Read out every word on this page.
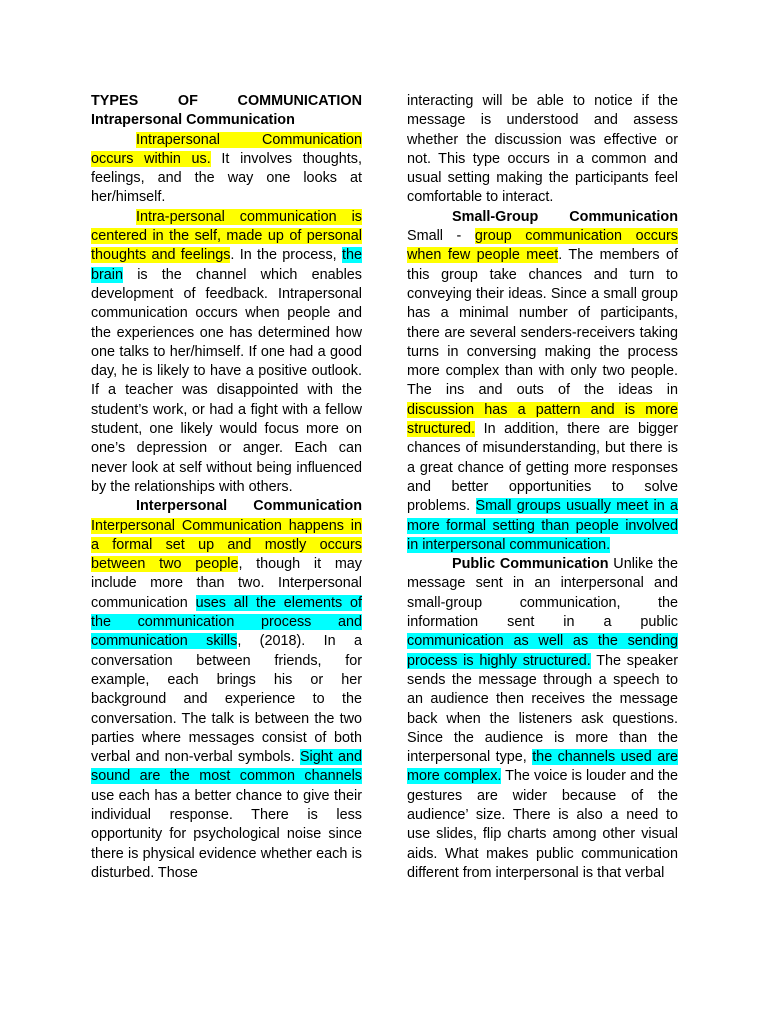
TYPES OF COMMUNICATION

Intrapersonal Communication

Intrapersonal Communication occurs within us. It involves thoughts, feelings, and the way one looks at her/himself.

Intra-personal communication is centered in the self, made up of personal thoughts and feelings. In the process, the brain is the channel which enables development of feedback. Intrapersonal communication occurs when people and the experiences one has determined how one talks to her/himself. If one had a good day, he is likely to have a positive outlook. If a teacher was disappointed with the student’s work, or had a fight with a fellow student, one likely would focus more on one’s depression or anger. Each can never look at self without being influenced by the relationships with others.

Interpersonal Communication Interpersonal Communication happens in a formal set up and mostly occurs between two people, though it may include more than two. Interpersonal communication uses all the elements of the communication process and communication skills, (2018). In a conversation between friends, for example, each brings his or her background and experience to the conversation. The talk is between the two parties where messages consist of both verbal and non-verbal symbols. Sight and sound are the most common channels use each has a better chance to give their individual response. There is less opportunity for psychological noise since there is physical evidence whether each is disturbed. Those

interacting will be able to notice if the message is understood and assess whether the discussion was effective or not. This type occurs in a common and usual setting making the participants feel comfortable to interact.

Small-Group Communication Small - group communication occurs when few people meet. The members of this group take chances and turn to conveying their ideas. Since a small group has a minimal number of participants, there are several senders-receivers taking turns in conversing making the process more complex than with only two people. The ins and outs of the ideas in discussion has a pattern and is more structured. In addition, there are bigger chances of misunderstanding, but there is a great chance of getting more responses and better opportunities to solve problems. Small groups usually meet in a more formal setting than people involved in interpersonal communication.

Public Communication Unlike the message sent in an interpersonal and small-group communication, the information sent in a public communication as well as the sending process is highly structured. The speaker sends the message through a speech to an audience then receives the message back when the listeners ask questions. Since the audience is more than the interpersonal type, the channels used are more complex. The voice is louder and the gestures are wider because of the audience’ size. There is also a need to use slides, flip charts among other visual aids. What makes public communication different from interpersonal is that verbal
